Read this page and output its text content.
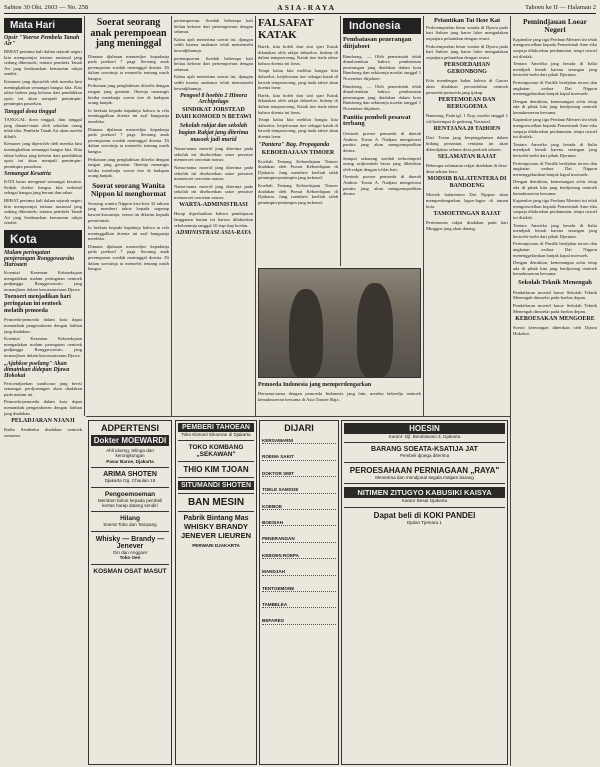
Sabtoe 30 Okt. 2603 — No. 258	ASIA-RAYA	Tahoen ke II — Halaman 2
Mata Hari
Opsir "Yoeroe Pembela Tanah Air"

BERAT pertama kali dalam sejarah negeri kita mempoenjai tentara nasional jang sedang dibentoek; tentara pembela Tanah Air jang berdasarkan kemaoean rakjat sendiri.

Kemaoer jang diperoleh oleh mereka kini meningkatkan semangat bangsa kita. Kita tahoe bahwa jang keloear dari pendidikan opsir ini akan menjadi pemimpin-pemimpin pasoekan.

Tanggal doea tinggal

TANGGAL doea tinggal, dan tanggal jang dinanti-nanti oleh sekalian orang telah tiba. Pembela Tanah Air akan moelai dilatih.

Kemaoer jang diperoleh oleh mereka kini meningkatkan semangat bangsa kita. Kita tahoe bahwa jang keloear dari pendidikan opsir ini akan menjadi pemimpin-pemimpin pasoekan.

Semangat Kesatria

KITA harus mengenal semangat kesatria. Sedjak doeloe bangsa kita terkenal sebagai bangsa jang berani dan sabar.

BERAT pertama kali dalam sejarah negeri kita mempoenjai tentara nasional jang sedang dibentoek; tentara pembela Tanah Air jang berdasarkan kemaoean rakjat sendiri.

Kota
Malam peringatan penjerangan Ronggowarsito Harisaen

Koemiai Kesenian Keboedajaan mengadakan malam peringatan oentoek pudjangga Ronggowarsito jang termasjhoer dalam kesoesasteraan Djawa.

Toenoeri menjadikan hari peringatan ini oentoek melatih pemoeda

Pemoeda-pemoeda dalam kota dapat menambah pengetahoean dengan latihan jang diadakan.

Koemiai Kesenian Keboedajaan mengadakan malam peringatan oentoek pudjangga Ronggowarsito jang termasjhoer dalam kesoesasteraan Djawa.

„Ajahkoe poelang" Akan dimainkan didepan Djawa Hokokai

Pertoendjoekan sandiwara jang berisi semangat perdjoeangan akan diadakan pada malam ini.

Pemoeda-pemoeda dalam kota dapat menambah pengetahoean dengan latihan jang diadakan.

PELADJARAN NJANJI

Radio Sendenbu diadakan oentoek oemoem.

Soerat seorang anak perempoean jang meninggal

Dimana djalanan menoedjoe kepadanja pada poekoel 7 pagi. Seorang anak perempoean soedah meninggal doenia. Di dalam soeratnja ia menoelis tentang nasib bangsa.

Perkataan jang penghabisan ditoelis dengan tangan jang gemetar. Iboenja menangis ketika membatja soerat itoe di hadapan orang banjak.

Ia berkata kepada bapaknja bahwa ia rela meninggalkan doenia ini asal bangsanja merdeka.

Dimana djalanan menoedjoe kepadanja pada poekoel 7 pagi. Seorang anak perempoean soedah meninggal doenia. Di dalam soeratnja ia menoelis tentang nasib bangsa.

Perkataan jang penghabisan ditoelis dengan tangan jang gemetar. Iboenja menangis ketika membatja soerat itoe di hadapan orang banjak.

Soerat seorang Wanita Nippon ki menghormat

Seorang wanita Nippon kira-kira 32 tahoen jang memberi tahoe kepada segenap kawan-kawannja, soerat ini dikirim kepada pemerintah.

Ia berkata kepada bapaknja bahwa ia rela meninggalkan doenia ini asal bangsanja merdeka.

Dimana djalanan menoedjoe kepadanja pada poekoel 7 pagi. Seorang anak perempoean soedah meninggal doenia. Di dalam soeratnja ia menoelis tentang nasib bangsa.

pertempoeran. Soedah beberapa kali beliau keloear dari pertempoeran dengan selamat.

Kalau ajah menerima soerat ini, djangan sedih karena anakmoe telah memenoehi kewadjibannja.

pertempoeran. Soedah beberapa kali beliau keloear dari pertempoeran dengan selamat.

Kalau ajah menerima soerat ini, djangan sedih karena anakmoe telah memenoehi kewadjibannja.

Pengoel 8 hoebin 2 Hinora Archipelago
SINDIKAT JORSTEAD DARI KOMOED N BETAWI
Sekolah rakjat dan sekolah bagian Rakjat jang diterima masoek jadi murid

Nama-nama moerid jang diterima pada sekolah ini diseboetkan satoe persatoe menoeroet oeroetan nomor.

Nama-nama moerid jang diterima pada sekolah ini diseboetkan satoe persatoe menoeroet oeroetan nomor.

Nama-nama moerid jang diterima pada sekolah ini diseboetkan satoe persatoe menoeroet oeroetan nomor.

WARTA-ADMINISTRASI

Harap diperhatikan bahwa pembajaran langganan harian ini haroes dilakoekan sebeloemnja tanggal 10 tiap-tiap boelan.

ADMINISTRASI ASIA-RAYA
FALSAFAT KATAK

Barek, kita boleh dari sini sjari Katak dikatakan oleh rakjat dahoeloe, hidoep di dalam tempoeroeng. Katak itoe tiada tahoe bahwa doenia ini loeas.

Tetapi kalau kita melihat bangsa kita dahoeloe, ketjeloeaan itoe sebagai katak di bawah tempoeroeng, jang tiada tahoe akan doenia loear.

Barek, kita boleh dari sini sjari Katak dikatakan oleh rakjat dahoeloe, hidoep di dalam tempoeroeng. Katak itoe tiada tahoe bahwa doenia ini loeas.

Tetapi kalau kita melihat bangsa kita dahoeloe, ketjeloeaan itoe sebagai katak di bawah tempoeroeng, jang tiada tahoe akan doenia loear.

"Pantera" Bag. Propaganda
KEBOEDAJAAN TIMOER

Koeliah Tentang Keboedajaan Timoer diadakan oleh Poesat Keboedajaan di Djakarta. Jang memberi koeliah ialah pemimpin-pemimpin jang terkenal.

Koeliah Tentang Keboedajaan Timoer diadakan oleh Poesat Keboedajaan di Djakarta. Jang memberi koeliah ialah pemimpin-pemimpin jang terkenal.

Indonesia
Pembatasan penerangan diitjaboet

Bandoeng. — Oleh pemerintah telah dimaloemkan bahwa pembatasan penerangan jang diadakan dalam kota Bandoeng dan sekitarnja moelai tanggal 1 November ditjaboet.

Bandoeng. — Oleh pemerintah telah dimaloemkan bahwa pembatasan penerangan jang diadakan dalam kota Bandoeng dan sekitarnja moelai tanggal 1 November ditjaboet.

Panitia pembeli pesawat terbang

Oentoek poeroe pemoeda di daerah Ambon. Toean A. Nadjam mengetoeai panitia jang akan mengoempoelkan derma.

Sampai sekarang soedah terkoempoel oeang sedjoemlah besar jang diberikan oleh rakjat dengan ichlas hati.

Oentoek poeroe pemoeda di daerah Ambon. Toean A. Nadjam mengetoeai panitia jang akan mengoempoelkan derma.

Pemoeda Indonesia jang memperdengarkan

Bersama-sama dengan pemoeda Indonesia jang lain, mereka bekerdja oentoek kemakmoeran bersama di Asia Timoer Raja.

Pelantikan Tai Ikoe Kai

Perkoempoelan besar wanita di Djawa pada hari Sabtoe jang baroe laloe mengadakan oepatjara pelantikan dengan resmi.

Perkoempoelan besar wanita di Djawa pada hari Sabtoe jang baroe laloe mengadakan oepatjara pelantikan dengan resmi.

PERSOEDAHAN GERONBONG

Kita mendengar kabar bahwa di Garoet akan diadakan persoedahan oentoek pemoeda-pemoeda jang tjakap.

PERTEMOEAN DAN RERUGOEMA

Bantoeng. Pada tgl. 1 Nop. moelai tanggal 1 s/d bertempat di gedoeng Nasional.

RENTJANA 20 TAHOEN

Dari Toean jang berpengalaman dalam bidang pertanian, rentjana ini akan dikerdjakan selama doea poeloeh tahoen.

SELAMATAN RAJAT

Beberapa selamatan rakjat diadakan di desa-desa sekitar kota.

MODSIB BALATENTERA DI BANDOENG

Moesik balatentera Dai Nippon akan memperdengarkan lagoe-lagoe di taman kota.

TAMOETINGAN RAJAT

Pertemoean rakjat diadakan pada hari Minggoe jang akan datang.

Pemindjauan Loear Negeri

Kaptenloe jang tiga Perdana Menteri ini telah mengoesoelkan kepada Pemerintah Ame-rika soepaja dilakoekan perdamaian, tetapi oesoel ini ditolak.

Tentara Amerika jang berada di Italia mendjadi lemah karena serangan jang bertoebi-toebi dari pihak Djerman.

Pertempoeran di Pasifik berdjalan teroes dan angkatan oedara Dai Nippon menenggelamkan banjak kapal moesoeh.

Dengan demikian, kemenangan achir tetap ada di pihak kita jang berdjoeang oentoek kemakmoeran bersama.

Kaptenloe jang tiga Perdana Menteri ini telah mengoesoelkan kepada Pemerintah Ame-rika soepaja dilakoekan perdamaian, tetapi oesoel ini ditolak.

Tentara Amerika jang berada di Italia mendjadi lemah karena serangan jang bertoebi-toebi dari pihak Djerman.

Pertempoeran di Pasifik berdjalan teroes dan angkatan oedara Dai Nippon menenggelamkan banjak kapal moesoeh.

Dengan demikian, kemenangan achir tetap ada di pihak kita jang berdjoeang oentoek kemakmoeran bersama.

Kaptenloe jang tiga Perdana Menteri ini telah mengoesoelkan kepada Pemerintah Ame-rika soepaja dilakoekan perdamaian, tetapi oesoel ini ditolak.

Tentara Amerika jang berada di Italia mendjadi lemah karena serangan jang bertoebi-toebi dari pihak Djerman.

Pertempoeran di Pasifik berdjalan teroes dan angkatan oedara Dai Nippon menenggelamkan banjak kapal moesoeh.

Dengan demikian, kemenangan achir tetap ada di pihak kita jang berdjoeang oentoek kemakmoeran bersama.

Sekolah Teknik Menengah

Pendaftaran moerid baroe Sekolah Teknik Menengah dimoelai pada boelan depan.

Pendaftaran moerid baroe Sekolah Teknik Menengah dimoelai pada boelan depan.

KEBOESAKAN MENGOERE

Soerat keterangan diberikan oleh Djawa Hokokai.

ADPERTENSI
Dokter MOEWARDI
Ahli idoeng, telinga dan kerongkongan
Pasar Baroe, Djakarta
ARIMA SHOTEN
Djakarta Gg. Chaulan 16
Pengoemoeman
Memberi tahoe kepada pembeli kertas harap datang sendiri
Hilang
Soerat Toko dan Tampang
Whisky — Brandy — Jenever
Gin dan Anggoer
Toko Oen
KOSMAN OSAT MASUT
PEMBERI TAHOEAN
Toko Kimoeri Eikoeran di Djakarta
TOKO KOMBANG „SEKAWAN"
THIO KIM TJOAN
SITUMANDI SHOTEN
BAN MESIN
Pabrik Bintang Mas
WHISKY BRANDY JENEVER LIEUREN
PERWARI DJAKARTA
DIJARI
KERSAWARNI
ROEMA SAKIT
DOKTOR SMIT
TOELE SAMSOE
KOEBOE
BOESIAH
PENERANGAN
KEBOEN ROEPA
MANDJAH
TENTOEMONE
TAMBELEA
BEFAREG
HOESIN
Kantor: Djl. Bondowoso 3, Djakarta
BARANG SOEATA-KSATIJA JAT
Pembeli djoega diterima
PEROESAHAAN PERNIAGAAN „RAYA"
Menerima dan mendjoeal segala matjam barang
NITIMEN ZITUGYO KABUSIKI KAISYA
Kantor Besar Djakarta
Dapat beli di KOKI PANDEI
Djalan Tjemara 1
